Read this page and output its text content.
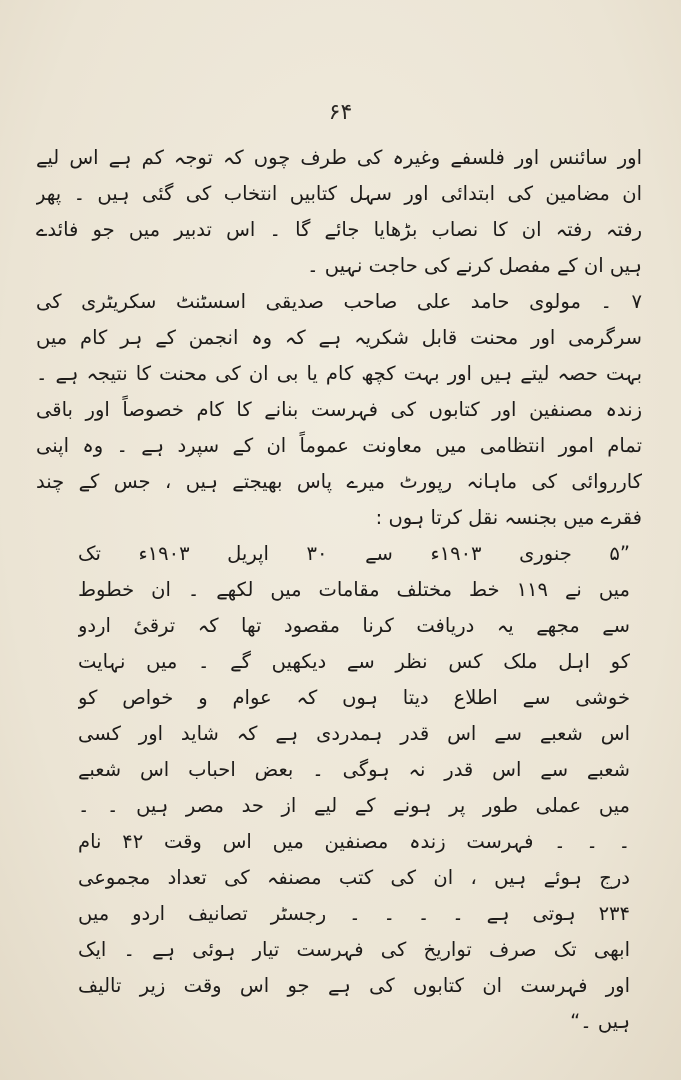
۶۴
اور سائنس اور فلسفے وغیرہ کی طرف چوں کہ توجہ کم ہے اس لیے
ان مضامین کی ابتدائی اور سہل کتابیں انتخاب کی گئی ہیں ۔ پھر
رفتہ رفتہ ان کا نصاب بڑھایا جائے گا ۔ اس تدبیر میں جو فائدے
ہیں ان کے مفصل کرنے کی حاجت نہیں ۔
۷ ۔ مولوی حامد علی صاحب صدیقی اسسٹنٹ سکریٹری کی
سرگرمی اور محنت قابل شکریہ ہے کہ وہ انجمن کے ہر کام میں
بہت حصہ لیتے ہیں اور بہت کچھ کام یا بی ان کی محنت کا نتیجہ ہے ۔
زندہ مصنفین اور کتابوں کی فہرست بنانے کا کام خصوصاً اور باقی
تمام امور انتظامی میں معاونت عموماً ان کے سپرد ہے ۔ وہ اپنی
کارروائی کی ماہانہ رپورٹ میرے پاس بھیجتے ہیں ، جس کے چند
فقرے میں بجنسہ نقل کرتا ہوں :
”۵ جنوری ۱۹۰۳ء سے ۳۰ اپریل ۱۹۰۳ء تک
میں نے ۱۱۹ خط مختلف مقامات میں لکھے ۔ ان خطوط
سے مجھے یہ دریافت کرنا مقصود تھا کہ ترقیٔ اردو
کو اہل ملک کس نظر سے دیکھیں گے ۔ میں نہایت
خوشی سے اطلاع دیتا ہوں کہ عوام و خواص کو
اس شعبے سے اس قدر ہمدردی ہے کہ شاید اور کسی
شعبے سے اس قدر نہ ہوگی ۔ بعض احباب اس شعبے
میں عملی طور پر ہونے کے لیے از حد مصر ہیں ۔ ۔
۔ ۔ ۔ فہرست زندہ مصنفین میں اس وقت ۴۲ نام
درج ہوئے ہیں ، ان کی کتب مصنفہ کی تعداد مجموعی
۲۳۴ ہوتی ہے ۔ ۔ ۔ ۔ رجسٹر تصانیف اردو میں
ابھی تک صرف تواریخ کی فہرست تیار ہوئی ہے ۔ ایک
اور فہرست ان کتابوں کی ہے جو اس وقت زیر تالیف
ہیں ۔“
